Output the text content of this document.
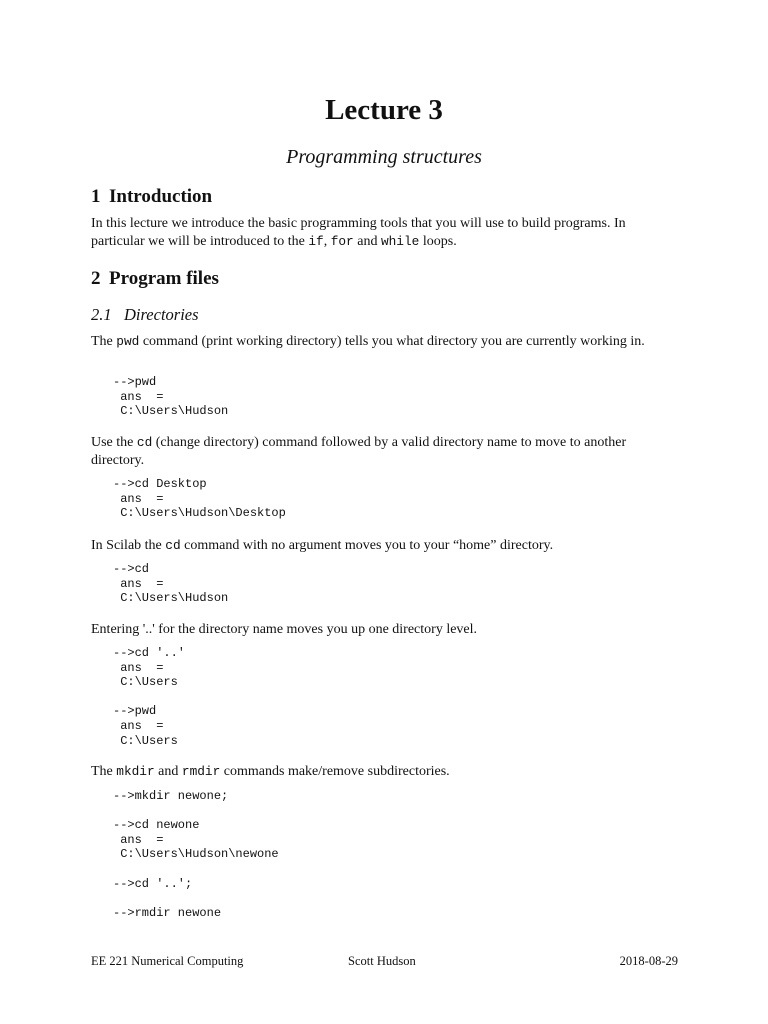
Lecture 3
Programming structures
1 Introduction
In this lecture we introduce the basic programming tools that you will use to build programs. In particular we will be introduced to the if, for and while loops.
2 Program files
2.1 Directories
The pwd command (print working directory) tells you what directory you are currently working in.
-->pwd
ans  =
C:\Users\Hudson
Use the cd (change directory) command followed by a valid directory name to move to another directory.
-->cd Desktop
ans  =
C:\Users\Hudson\Desktop
In Scilab the cd command with no argument moves you to your “home” directory.
-->cd
ans  =
C:\Users\Hudson
Entering '..' for the directory name moves you up one directory level.
-->cd '..'
ans  =
C:\Users

-->pwd
ans  =
C:\Users
The mkdir and rmdir commands make/remove subdirectories.
-->mkdir newone;

-->cd newone
ans  =
C:\Users\Hudson\newone

-->cd '..';

-->rmdir newone
EE 221 Numerical Computing	Scott Hudson	2018-08-29
